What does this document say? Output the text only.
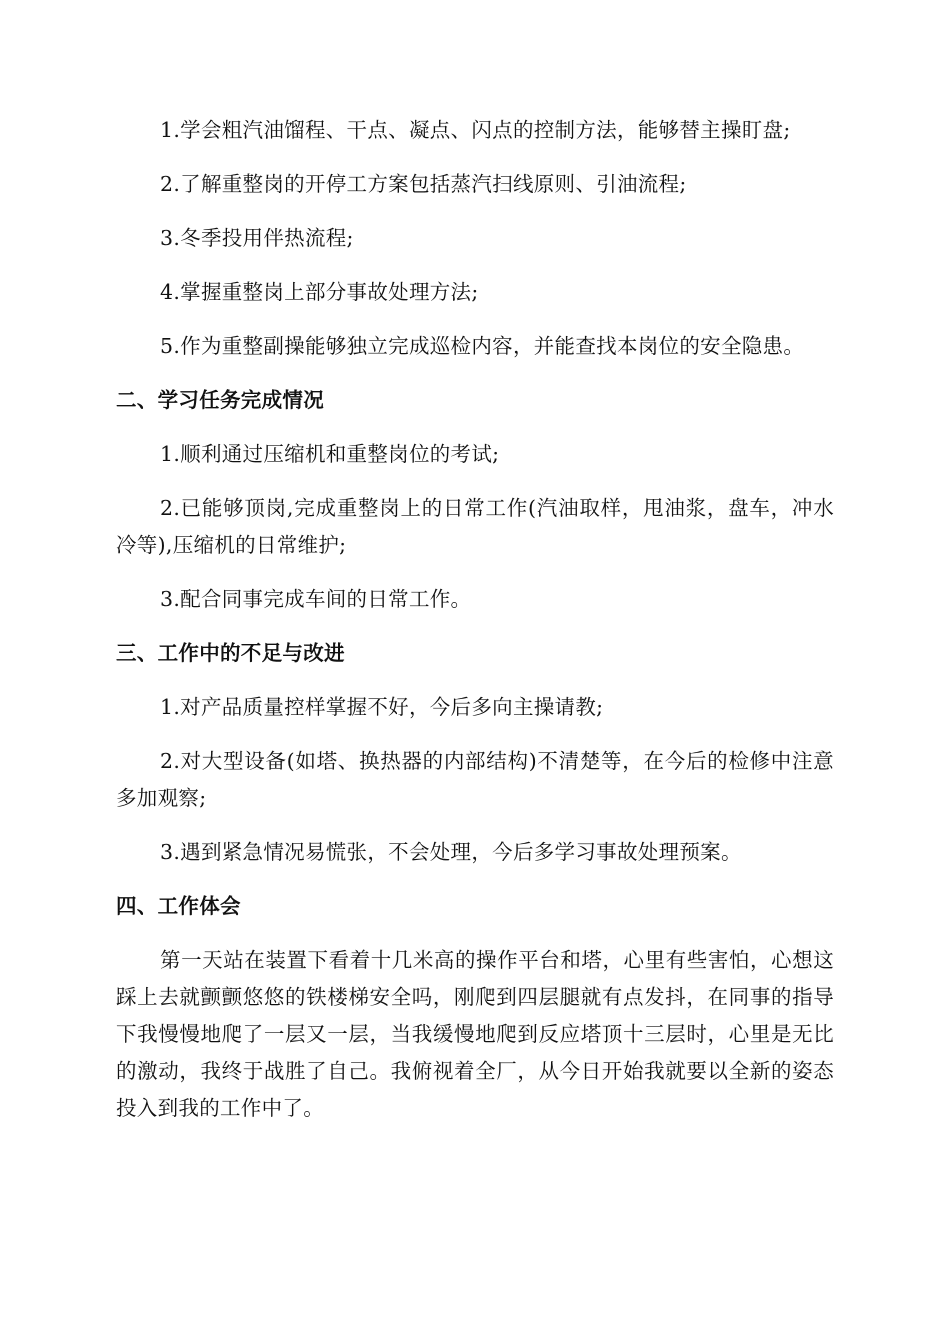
1.学会粗汽油馏程、干点、凝点、闪点的控制方法，能够替主操盯盘;

2.了解重整岗的开停工方案包括蒸汽扫线原则、引油流程;

3.冬季投用伴热流程;

4.掌握重整岗上部分事故处理方法;

5.作为重整副操能够独立完成巡检内容，并能查找本岗位的安全隐患。

二、学习任务完成情况

1.顺利通过压缩机和重整岗位的考试;

2.已能够顶岗,完成重整岗上的日常工作(汽油取样，甩油浆，盘车，冲水冷等),压缩机的日常维护;

3.配合同事完成车间的日常工作。

三、工作中的不足与改进

1.对产品质量控样掌握不好，今后多向主操请教;

2.对大型设备(如塔、换热器的内部结构)不清楚等，在今后的检修中注意多加观察;

3.遇到紧急情况易慌张，不会处理，今后多学习事故处理预案。

四、工作体会

第一天站在装置下看着十几米高的操作平台和塔，心里有些害怕，心想这踩上去就颤颤悠悠的铁楼梯安全吗，刚爬到四层腿就有点发抖，在同事的指导下我慢慢地爬了一层又一层，当我缓慢地爬到反应塔顶十三层时，心里是无比的激动，我终于战胜了自己。我俯视着全厂，从今日开始我就要以全新的姿态投入到我的工作中了。
